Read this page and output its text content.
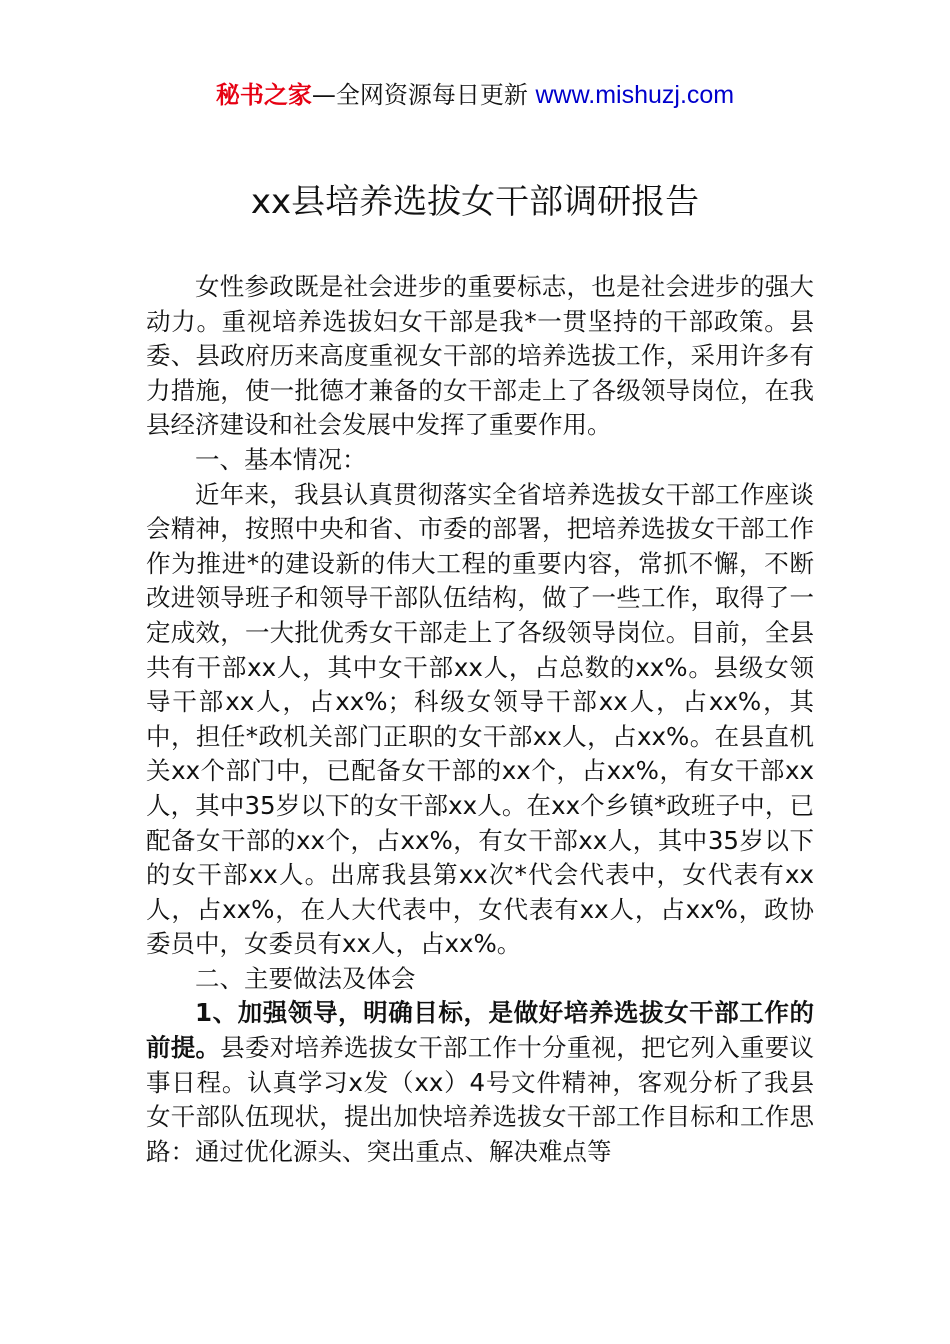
秘书之家—全网资源每日更新 www.mishuzj.com
xx县培养选拔女干部调研报告

女性参政既是社会进步的重要标志，也是社会进步的强大动力。重视培养选拔妇女干部是我*一贯坚持的干部政策。县委、县政府历来高度重视女干部的培养选拔工作，采用许多有力措施，使一批德才兼备的女干部走上了各级领导岗位，在我县经济建设和社会发展中发挥了重要作用。

一、基本情况：

近年来，我县认真贯彻落实全省培养选拔女干部工作座谈会精神，按照中央和省、市委的部署，把培养选拔女干部工作作为推进*的建设新的伟大工程的重要内容，常抓不懈，不断改进领导班子和领导干部队伍结构，做了一些工作，取得了一定成效，一大批优秀女干部走上了各级领导岗位。目前，全县共有干部xx人，其中女干部xx人，占总数的xx%。县级女领导干部xx人，占xx%；科级女领导干部xx人，占xx%，其中，担任*政机关部门正职的女干部xx人，占xx%。在县直机关xx个部门中，已配备女干部的xx个，占xx%，有女干部xx人，其中35岁以下的女干部xx人。在xx个乡镇*政班子中，已配备女干部的xx个，占xx%，有女干部xx人，其中35岁以下的女干部xx人。出席我县第xx次*代会代表中，女代表有xx人，占xx%，在人大代表中，女代表有xx人，占xx%，政协委员中，女委员有xx人，占xx%。

二、主要做法及体会

1、加强领导，明确目标，是做好培养选拔女干部工作的前提。县委对培养选拔女干部工作十分重视，把它列入重要议事日程。认真学习x发（xx）4号文件精神，客观分析了我县女干部队伍现状，提出加快培养选拔女干部工作目标和工作思路：通过优化源头、突出重点、解决难点等
